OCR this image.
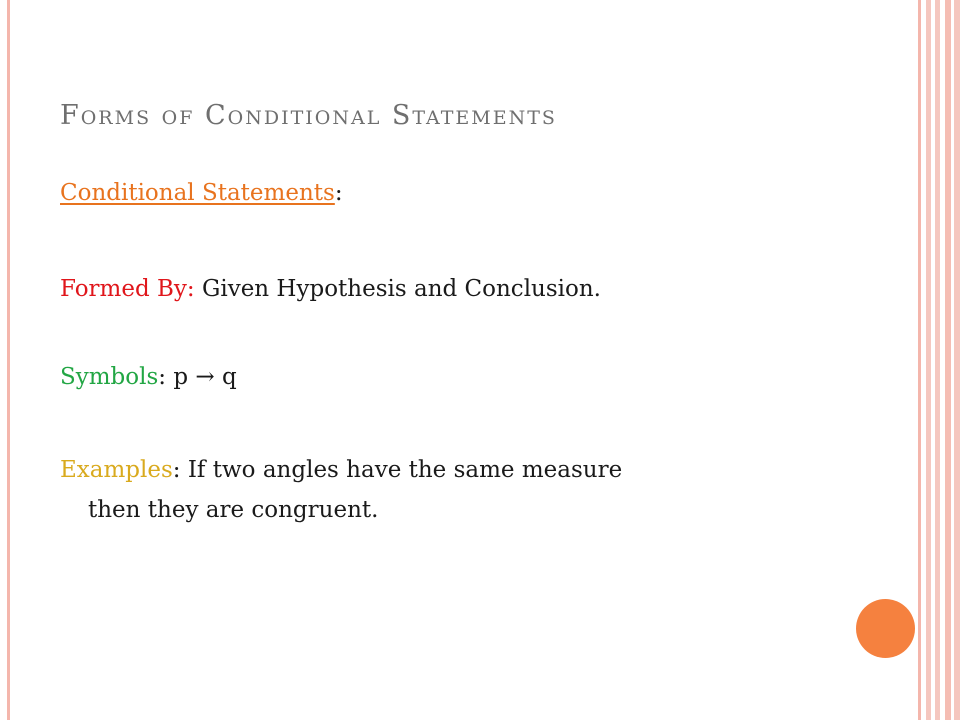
Forms of Conditional Statements
Conditional Statements:
Formed By: Given Hypothesis and Conclusion.
Symbols: p → q
Examples: If two angles have the same measure
then they are congruent.
